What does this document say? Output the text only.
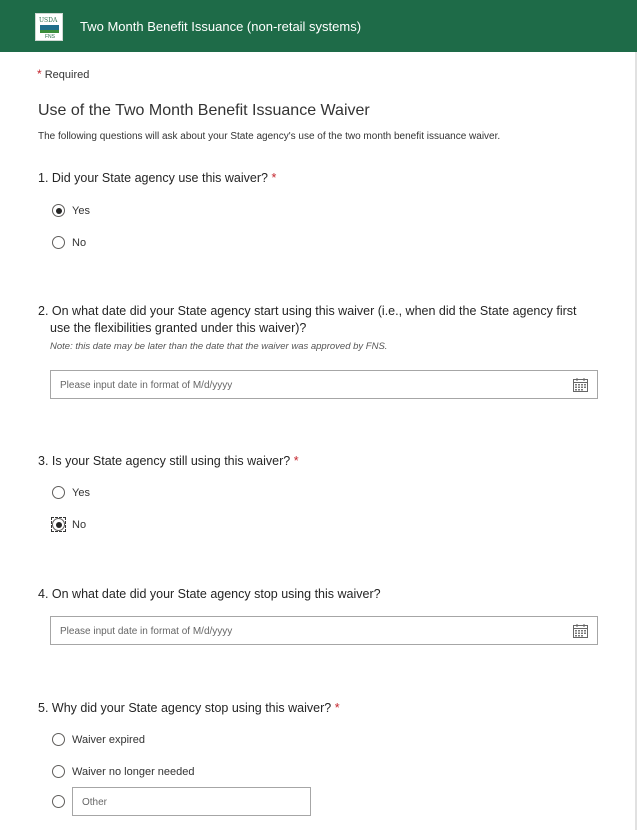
USDA
FNS
Two Month Benefit Issuance (non-retail systems)
* Required
Use of the Two Month Benefit Issuance Waiver
The following questions will ask about your State agency's use of the two month benefit issuance waiver.
1. Did your State agency use this waiver? *
Yes
No
2. On what date did your State agency start using this waiver (i.e., when did the State agency first
use the flexibilities granted under this waiver)?
Note: this date may be later than the date that the waiver was approved by FNS.
Please input date in format of M/d/yyyy
3. Is your State agency still using this waiver? *
Yes
No
4. On what date did your State agency stop using this waiver?
Please input date in format of M/d/yyyy
5. Why did your State agency stop using this waiver? *
Waiver expired
Waiver no longer needed
Other
